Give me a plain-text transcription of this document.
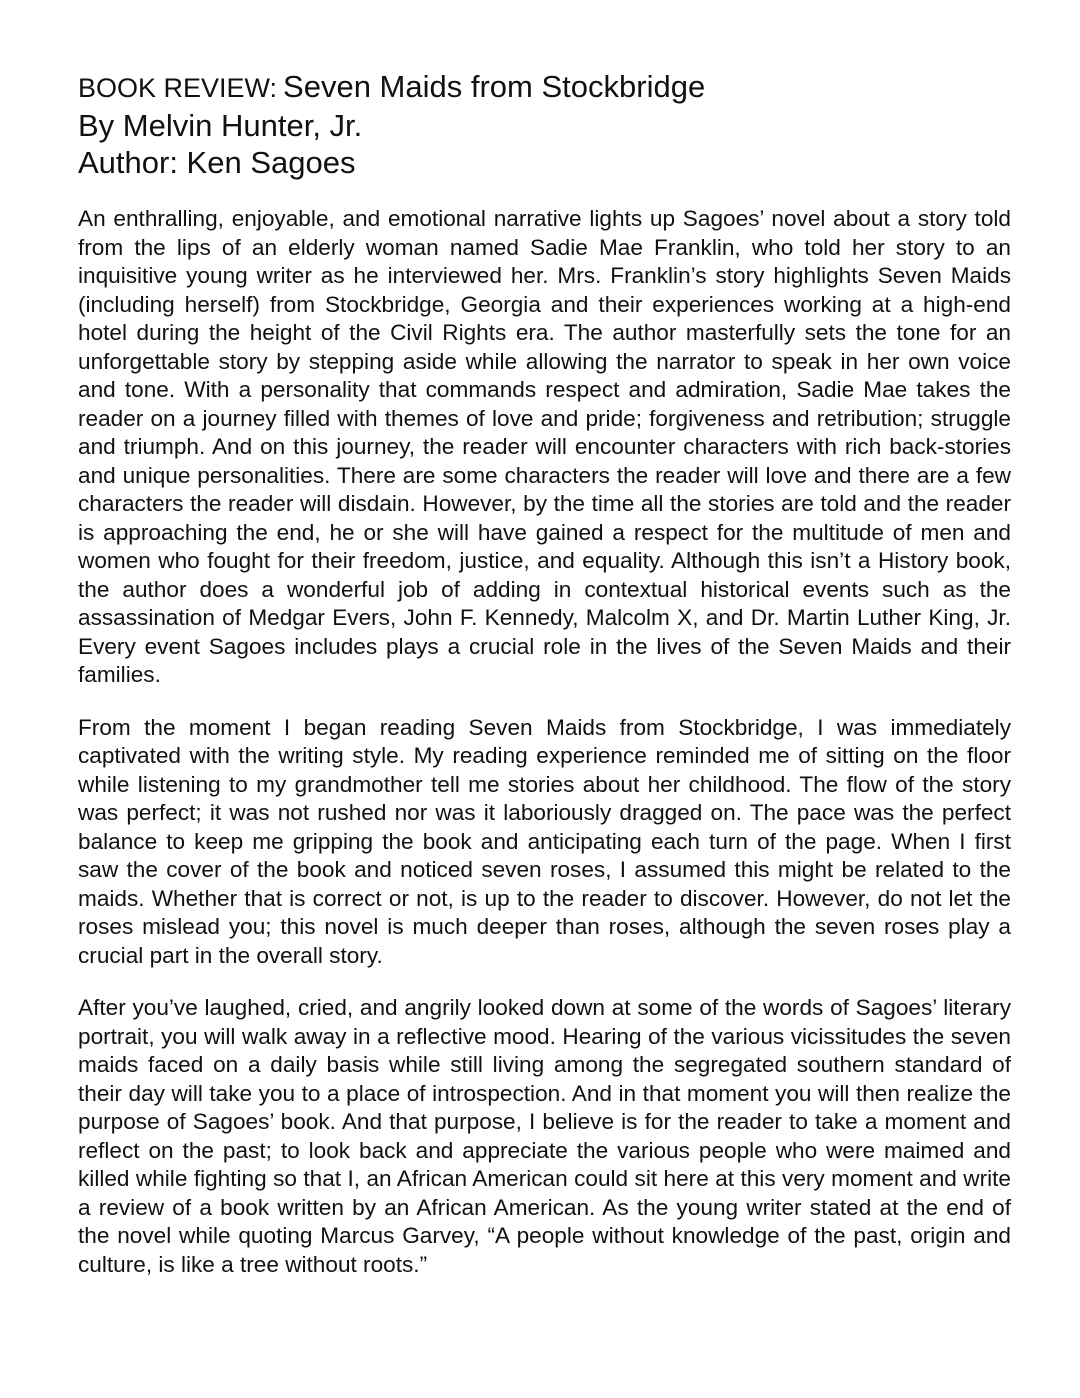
BOOK REVIEW: Seven Maids from Stockbridge
By Melvin Hunter, Jr.
Author: Ken Sagoes

An enthralling, enjoyable, and emotional narrative lights up Sagoes’ novel about a story told from the lips of an elderly woman named Sadie Mae Franklin, who told her story to an inquisitive young writer as he interviewed her. Mrs. Franklin’s story highlights Seven Maids (including herself) from Stockbridge, Georgia and their experiences working at a high-end hotel during the height of the Civil Rights era. The author masterfully sets the tone for an unforgettable story by stepping aside while allowing the narrator to speak in her own voice and tone. With a personality that commands respect and admiration, Sadie Mae takes the reader on a journey filled with themes of love and pride; forgiveness and retribution; struggle and triumph. And on this journey, the reader will encounter characters with rich back-stories and unique personalities. There are some characters the reader will love and there are a few characters the reader will disdain. However, by the time all the stories are told and the reader is approaching the end, he or she will have gained a respect for the multitude of men and women who fought for their freedom, justice, and equality. Although this isn’t a History book, the author does a wonderful job of adding in contextual historical events such as the assassination of Medgar Evers, John F. Kennedy, Malcolm X, and Dr. Martin Luther King, Jr. Every event Sagoes includes plays a crucial role in the lives of the Seven Maids and their families.

From the moment I began reading Seven Maids from Stockbridge, I was immediately captivated with the writing style. My reading experience reminded me of sitting on the floor while listening to my grandmother tell me stories about her childhood. The flow of the story was perfect; it was not rushed nor was it laboriously dragged on. The pace was the perfect balance to keep me gripping the book and anticipating each turn of the page. When I first saw the cover of the book and noticed seven roses, I assumed this might be related to the maids. Whether that is correct or not, is up to the reader to discover. However, do not let the roses mislead you; this novel is much deeper than roses, although the seven roses play a crucial part in the overall story.

After you’ve laughed, cried, and angrily looked down at some of the words of Sagoes’ literary portrait, you will walk away in a reflective mood. Hearing of the various vicissitudes the seven maids faced on a daily basis while still living among the segregated southern standard of their day will take you to a place of introspection. And in that moment you will then realize the purpose of Sagoes’ book. And that purpose, I believe is for the reader to take a moment and reflect on the past; to look back and appreciate the various people who were maimed and killed while fighting so that I, an African American could sit here at this very moment and write a review of a book written by an African American. As the young writer stated at the end of the novel while quoting Marcus Garvey, “A people without knowledge of the past, origin and culture, is like a tree without roots.”
